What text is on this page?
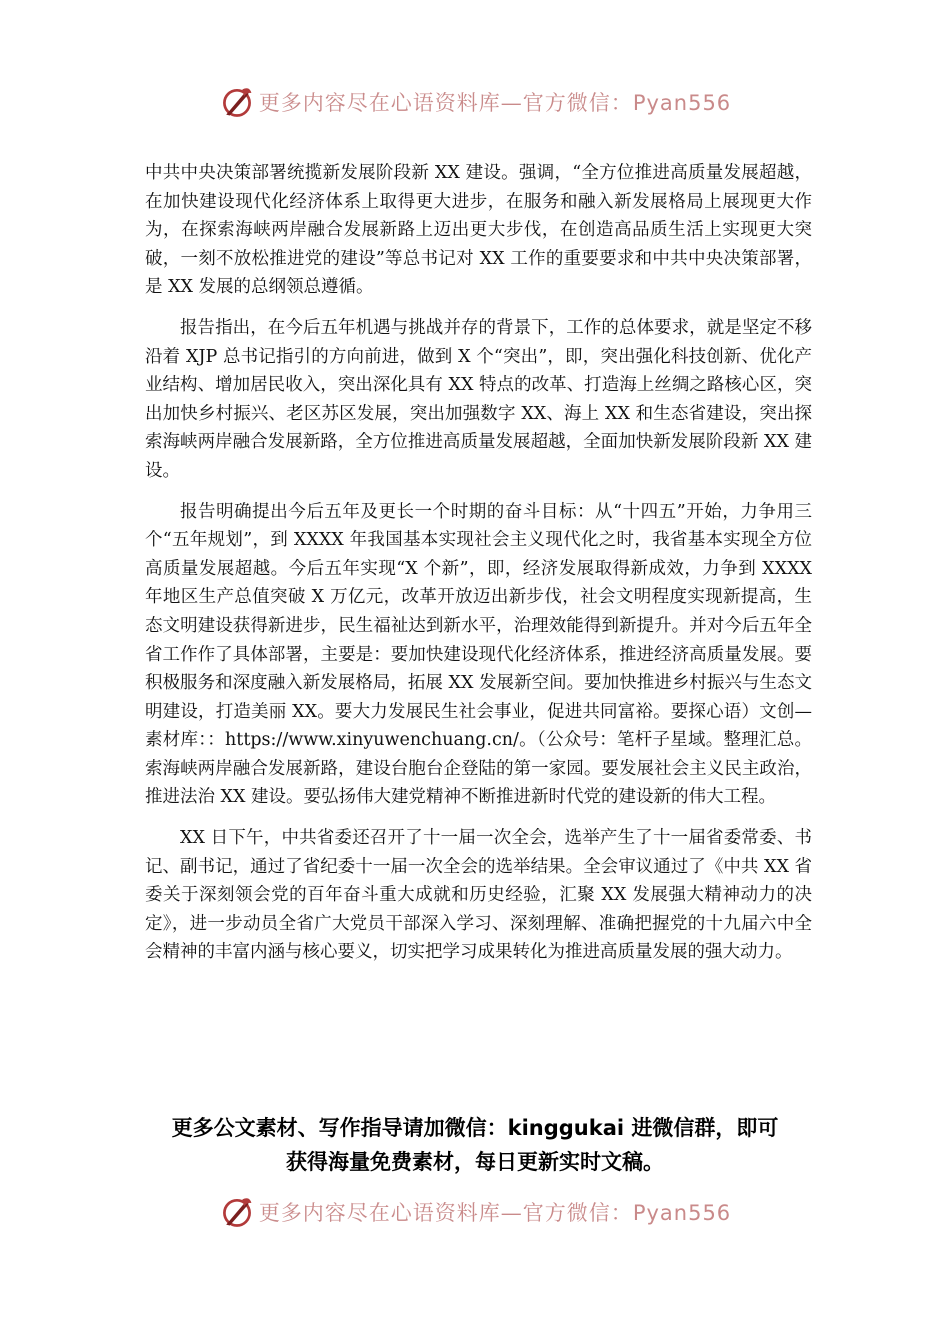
更多内容尽在心语资料库—官方微信：Pyan556

中共中央决策部署统揽新发展阶段新 XX 建设。强调，“全方位推进高质量发展超越，在加快建设现代化经济体系上取得更大进步，在服务和融入新发展格局上展现更大作为，在探索海峡两岸融合发展新路上迈出更大步伐，在创造高品质生活上实现更大突破，一刻不放松推进党的建设”等总书记对 XX 工作的重要要求和中共中央决策部署，是 XX 发展的总纲领总遵循。

报告指出，在今后五年机遇与挑战并存的背景下，工作的总体要求，就是坚定不移沿着 XJP 总书记指引的方向前进，做到 X 个“突出”，即，突出强化科技创新、优化产业结构、增加居民收入，突出深化具有 XX 特点的改革、打造海上丝绸之路核心区，突出加快乡村振兴、老区苏区发展，突出加强数字 XX、海上 XX 和生态省建设，突出探索海峡两岸融合发展新路，全方位推进高质量发展超越，全面加快新发展阶段新 XX 建设。

报告明确提出今后五年及更长一个时期的奋斗目标：从“十四五”开始，力争用三个“五年规划”，到 XXXX 年我国基本实现社会主义现代化之时，我省基本实现全方位高质量发展超越。今后五年实现“X 个新”，即，经济发展取得新成效，力争到 XXXX 年地区生产总值突破 X 万亿元，改革开放迈出新步伐，社会文明程度实现新提高，生态文明建设获得新进步，民生福祉达到新水平，治理效能得到新提升。并对今后五年全省工作作了具体部署，主要是：要加快建设现代化经济体系，推进经济高质量发展。要积极服务和深度融入新发展格局，拓展 XX 发展新空间。要加快推进乡村振兴与生态文明建设，打造美丽 XX。要大力发展民生社会事业，促进共同富裕。要探心语）文创—素材库：：https://www.xinyuwenchuang.cn/。（公众号：笔杆子星域。整理汇总。索海峡两岸融合发展新路，建设台胞台企登陆的第一家园。要发展社会主义民主政治，推进法治 XX 建设。要弘扬伟大建党精神不断推进新时代党的建设新的伟大工程。

XX 日下午，中共省委还召开了十一届一次全会，选举产生了十一届省委常委、书记、副书记，通过了省纪委十一届一次全会的选举结果。全会审议通过了《中共 XX 省委关于深刻领会党的百年奋斗重大成就和历史经验，汇聚 XX 发展强大精神动力的决定》，进一步动员全省广大党员干部深入学习、深刻理解、准确把握党的十九届六中全会精神的丰富内涵与核心要义，切实把学习成果转化为推进高质量发展的强大动力。

更多公文素材、写作指导请加微信：kinggukai 进微信群，即可
获得海量免费素材，每日更新实时文稿。
更多内容尽在心语资料库—官方微信：Pyan556
